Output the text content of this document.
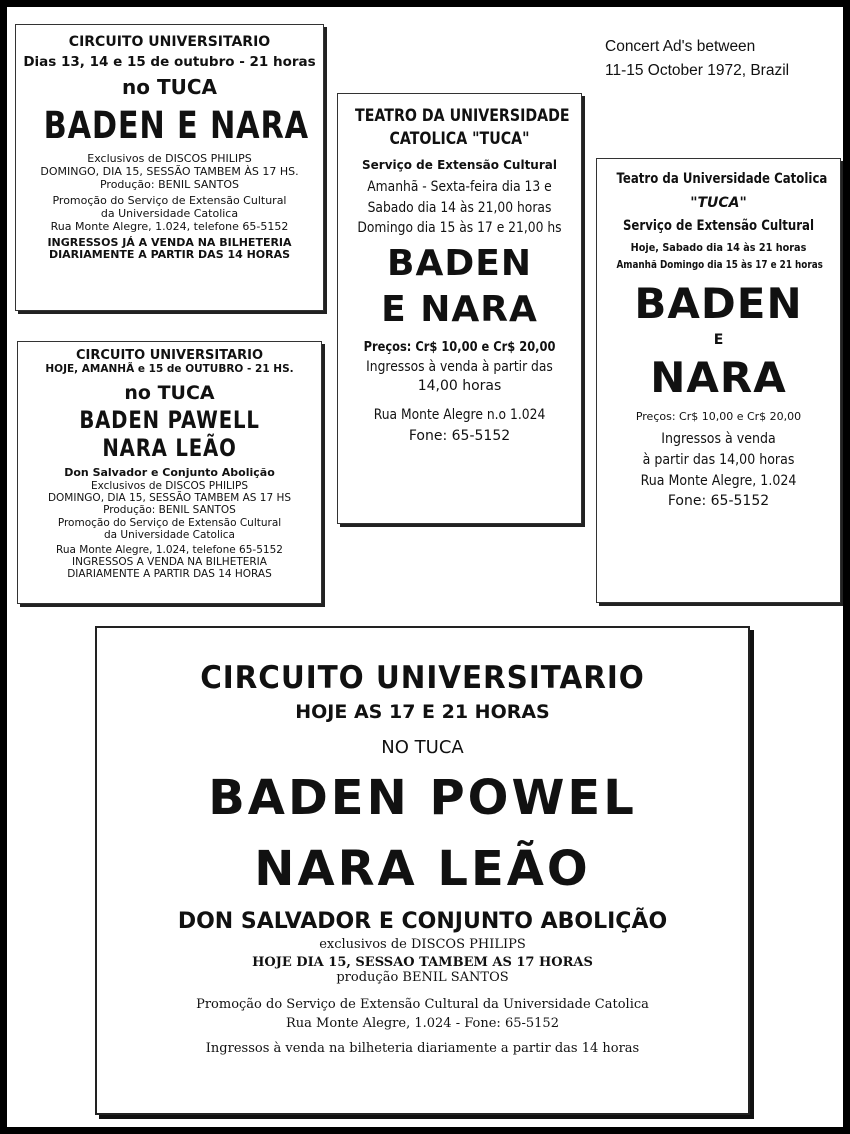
Concert Ad's between
11-15 October 1972, Brazil
CIRCUITO UNIVERSITARIO
Dias 13, 14 e 15 de outubro - 21 horas
no TUCA
BADEN E NARA
Exclusivos de DISCOS PHILIPS
DOMINGO, DIA 15, SESSÃO TAMBEM ÀS 17 HS.
Produção: BENIL SANTOS
Promoção do Serviço de Extensão Cultural
da Universidade Catolica
Rua Monte Alegre, 1.024, telefone 65-5152
INGRESSOS JÁ A VENDA NA BILHETERIA
DIARIAMENTE A PARTIR DAS 14 HORAS
CIRCUITO UNIVERSITARIO
HOJE, AMANHÃ e 15 de OUTUBRO - 21 HS.
no TUCA
BADEN PAWELL
NARA LEÃO
Don Salvador e Conjunto Abolição
Exclusivos de DISCOS PHILIPS
DOMINGO, DIA 15, SESSÃO TAMBEM AS 17 HS
Produção: BENIL SANTOS
Promoção do Serviço de Extensão Cultural
da Universidade Catolica
Rua Monte Alegre, 1.024, telefone 65-5152
INGRESSOS A VENDA NA BILHETERIA
DIARIAMENTE A PARTIR DAS 14 HORAS
TEATRO DA UNIVERSIDADE
CATOLICA "TUCA"
Serviço de Extensão Cultural
Amanhã - Sexta-feira dia 13 e
Sabado dia 14 às 21,00 horas
Domingo dia 15 às 17 e 21,00 hs
BADEN
E NARA
Preços: Cr$ 10,00 e Cr$ 20,00
Ingressos à venda à partir das
14,00 horas
Rua Monte Alegre n.o 1.024
Fone: 65-5152
Teatro da Universidade Catolica
"TUCA"
Serviço de Extensão Cultural
Hoje, Sabado dia 14 às 21 horas
Amanhã Domingo dia 15 às 17 e 21 horas
BADEN
E
NARA
Preços: Cr$ 10,00 e Cr$ 20,00
Ingressos à venda
à partir das 14,00 horas
Rua Monte Alegre, 1.024
Fone: 65-5152
CIRCUITO UNIVERSITARIO
HOJE AS 17 E 21 HORAS
NO TUCA
BADEN POWEL
NARA LEÃO
DON SALVADOR E CONJUNTO ABOLIÇÃO
exclusivos de DISCOS PHILIPS
HOJE DIA 15, SESSAO TAMBEM AS 17 HORAS
produção BENIL SANTOS
Promoção do Serviço de Extensão Cultural da Universidade Catolica
Rua Monte Alegre, 1.024 - Fone: 65-5152
Ingressos à venda na bilheteria diariamente a partir das 14 horas
